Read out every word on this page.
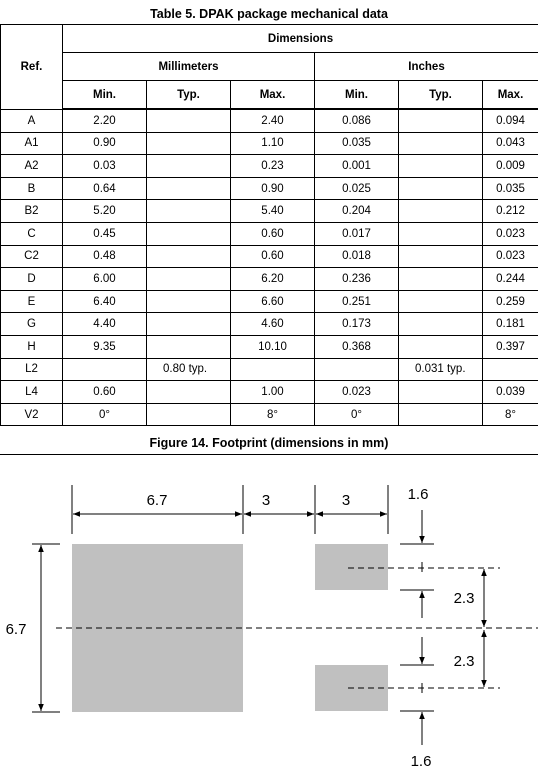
Table 5. DPAK package mechanical data
Ref.	Dimensions					
	Millimeters			Inches		
	Min.	Typ.	Max.	Min.	Typ.	Max.
A	2.20		2.40	0.086		0.094
A1	0.90		1.10	0.035		0.043
A2	0.03		0.23	0.001		0.009
B	0.64		0.90	0.025		0.035
B2	5.20		5.40	0.204		0.212
C	0.45		0.60	0.017		0.023
C2	0.48		0.60	0.018		0.023
D	6.00		6.20	0.236		0.244
E	6.40		6.60	0.251		0.259
G	4.40		4.60	0.173		0.181
H	9.35		10.10	0.368		0.397
L2		0.80 typ.			0.031 typ.	
L4	0.60		1.00	0.023		0.039
V2	0°		8°	0°		8°
Figure 14. Footprint (dimensions in mm)
6.7	3	3	1.6
6.7
2.3
2.3
1.6
